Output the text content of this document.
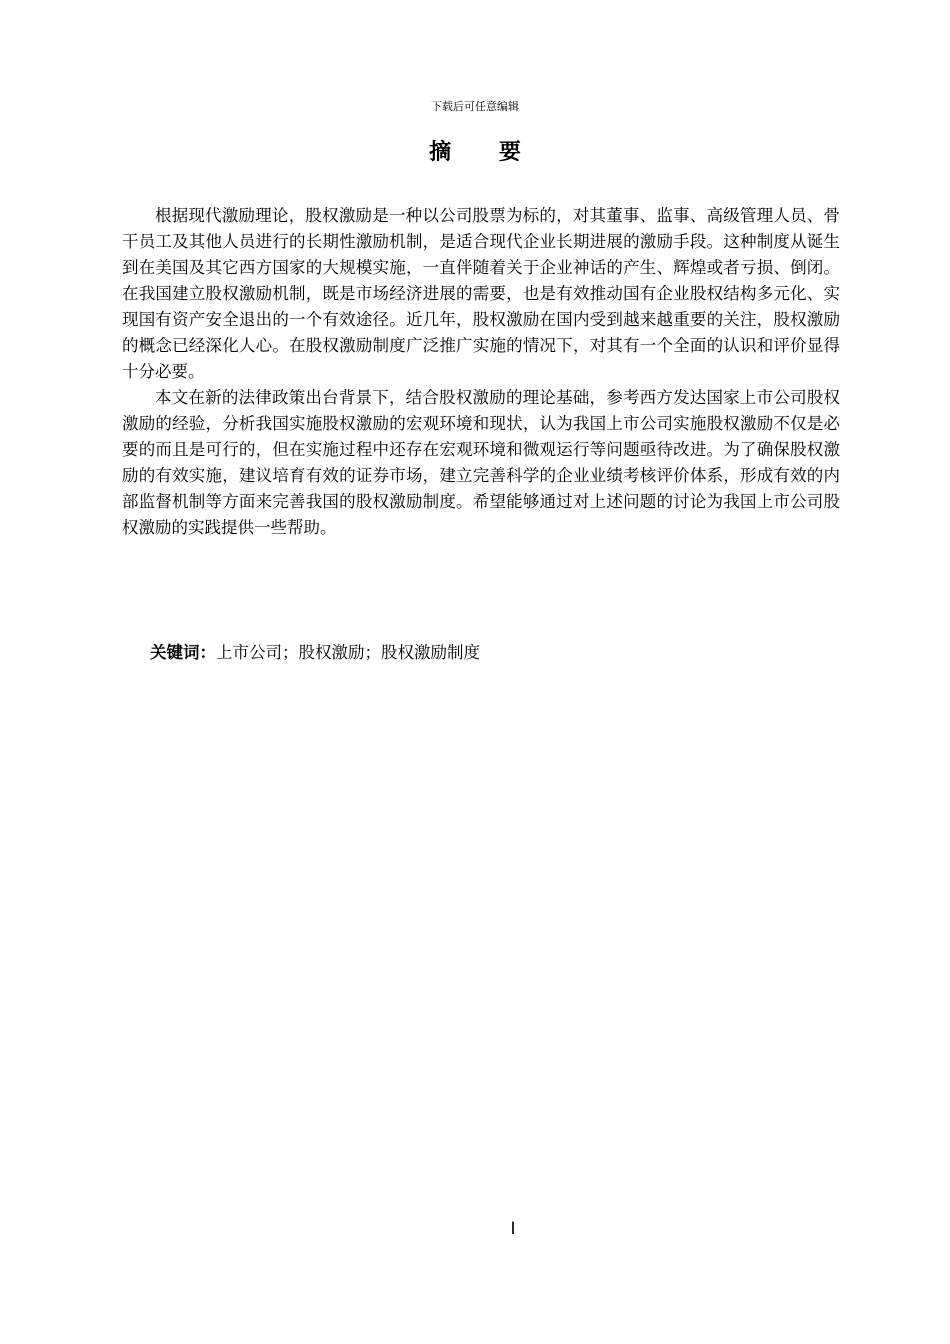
下载后可任意编辑
摘 要

根据现代激励理论，股权激励是一种以公司股票为标的，对其董事、监事、高级管理人员、骨干员工及其他人员进行的长期性激励机制，是适合现代企业长期进展的激励手段。这种制度从诞生到在美国及其它西方国家的大规模实施，一直伴随着关于企业神话的产生、辉煌或者亏损、倒闭。在我国建立股权激励机制，既是市场经济进展的需要，也是有效推动国有企业股权结构多元化、实现国有资产安全退出的一个有效途径。近几年，股权激励在国内受到越来越重要的关注，股权激励的概念已经深化人心。在股权激励制度广泛推广实施的情况下，对其有一个全面的认识和评价显得十分必要。

本文在新的法律政策出台背景下，结合股权激励的理论基础，参考西方发达国家上市公司股权激励的经验，分析我国实施股权激励的宏观环境和现状，认为我国上市公司实施股权激励不仅是必要的而且是可行的，但在实施过程中还存在宏观环境和微观运行等问题亟待改进。为了确保股权激励的有效实施，建议培育有效的证券市场，建立完善科学的企业业绩考核评价体系，形成有效的内部监督机制等方面来完善我国的股权激励制度。希望能够通过对上述问题的讨论为我国上市公司股权激励的实践提供一些帮助。

关键词：上市公司；股权激励；股权激励制度
I
